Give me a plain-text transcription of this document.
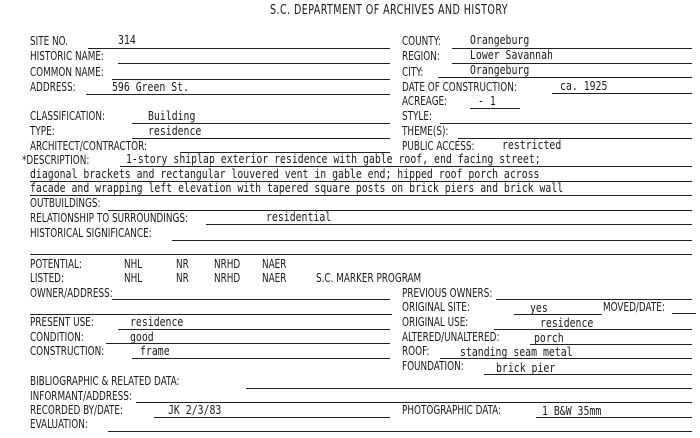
S.C. DEPARTMENT OF ARCHIVES AND HISTORY
SITE NO.	314	COUNTY: Orangeburg
HISTORIC NAME:	REGION:	Lower Savannah
COMMON NAME:	CITY:	Orangeburg
ADDRESS:	596 Green St.	DATE OF CONSTRUCTION:	ca. 1925
ACREAGE:	- 1
CLASSIFICATION:	Building	STYLE:
TYPE:	residence	THEME(S):
ARCHITECT/CONTRACTOR:	PUBLIC ACCESS: restricted
*DESCRIPTION:	1-story shiplap exterior residence with gable roof, end facing street;
diagonal brackets and rectangular louvered vent in gable end; hipped roof porch across
facade and wrapping left elevation with tapered square posts on brick piers and brick wall
OUTBUILDINGS:
RELATIONSHIP TO SURROUNDINGS:	residential
HISTORICAL SIGNIFICANCE:
POTENTIAL:	NHL	NR NRHD NAER
LISTED:	NHL	NR NRHD NAER S.C. MARKER PROGRAM
OWNER/ADDRESS:	PREVIOUS OWNERS:
ORIGINAL SITE:	yes	MOVED/DATE:
PRESENT USE:	residence	ORIGINAL USE:	residence
CONDITION:	good	ALTERED/UNALTERED:	porch
CONSTRUCTION:	frame	ROOF:	standing seam metal
FOUNDATION:	brick pier
BIBLIOGRAPHIC & RELATED DATA:
INFORMANT/ADDRESS:
RECORDED BY/DATE:	JK 2/3/83	PHOTOGRAPHIC DATA:	1 B&W 35mm
EVALUATION:
